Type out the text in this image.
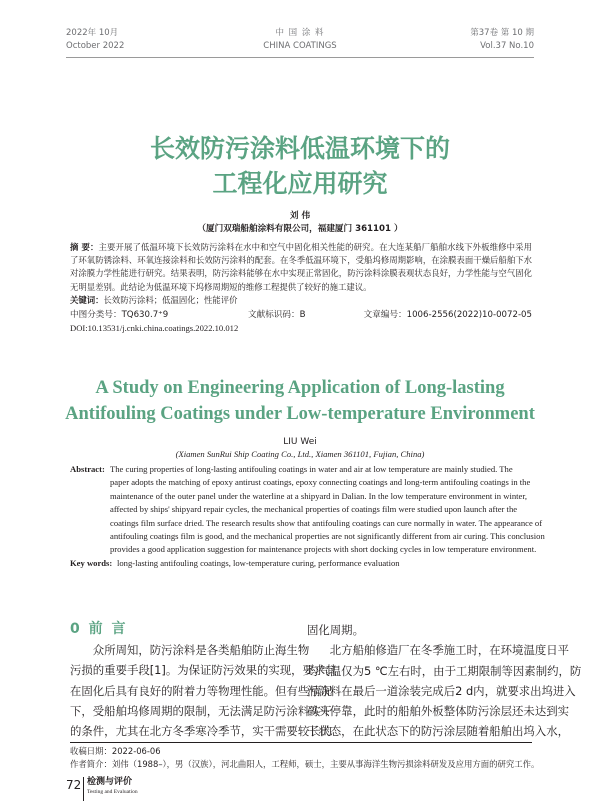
2022年 10月
October 2022
中 国 涂 料
CHINA COATINGS
第37卷 第 10 期
Vol.37 No.10
长效防污涂料低温环境下的
工程化应用研究
刘 伟
（厦门双瑞船舶涂料有限公司，福建厦门 361101 ）
摘 要：主要开展了低温环境下长效防污涂料在水中和空气中固化相关性能的研究。在大连某船厂船舶水线下外板维修中采用了环氧防锈涂料、环氧连接涂料和长效防污涂料的配套。在冬季低温环境下，受船坞修周期影响，在涂膜表面干燥后船舶下水对涂膜力学性能进行研究。结果表明，防污涂料能够在水中实现正常固化，防污涂料涂膜表观状态良好，力学性能与空气固化无明显差别。此结论为低温环境下坞修周期短的维修工程提供了较好的施工建议。
关键词：长效防污涂料；低温固化；性能评价
中图分类号：TQ630.7⁺9	文献标识码：B	文章编号：1006-2556(2022)10-0072-05
DOI:10.13531/j.cnki.china.coatings.2022.10.012
A Study on Engineering Application of Long-lasting
Antifouling Coatings under Low-temperature Environment
LIU Wei
(Xiamen SunRui Ship Coating Co., Ltd., Xiamen 361101, Fujian, China)
Abstract: The curing properties of long-lasting antifouling coatings in water and air at low temperature are mainly studied. The
paper adopts the matching of epoxy antirust coatings, epoxy connecting coatings and long-term antifouling coatings in the
maintenance of the outer panel under the waterline at a shipyard in Dalian. In the low temperature environment in winter,
affected by ships' shipyard repair cycles, the mechanical properties of coatings film were studied upon launch after the
coatings film surface dried. The research results show that antifouling coatings can cure normally in water. The appearance of
antifouling coatings film is good, and the mechanical properties are not significantly different from air curing. This conclusion
provides a good application suggestion for maintenance projects with short docking cycles in low temperature environment.
Key words: long-lasting antifouling coatings, low-temperature curing, performance evaluation
0 前 言
众所周知，防污涂料是各类船舶防止海生物
污损的重要手段[1]。为保证防污效果的实现，要求其
在固化后具有良好的附着力等物理性能。但有些情况
下，受船舶坞修周期的限制，无法满足防污涂料实干
的条件，尤其在北方冬季寒冷季节，实干需要较长的
固化周期。
北方船舶修造厂在冬季施工时，在环境温度日平
均气温仅为5 ℃左右时，由于工期限制等因素制约，防
污涂料在最后一道涂装完成后2 d内，就要求出坞进入
码头停靠，此时的船舶外板整体防污涂层还未达到实
干状态，在此状态下的防污涂层随着船舶出坞入水，
收稿日期：2022-06-06
作者简介：刘伟（1988–），男（汉族），河北曲阳人，工程师，硕士，主要从事海洋生物污损涂料研发及应用方面的研究工作。
72 检测与评价
Testing and Evaluation
